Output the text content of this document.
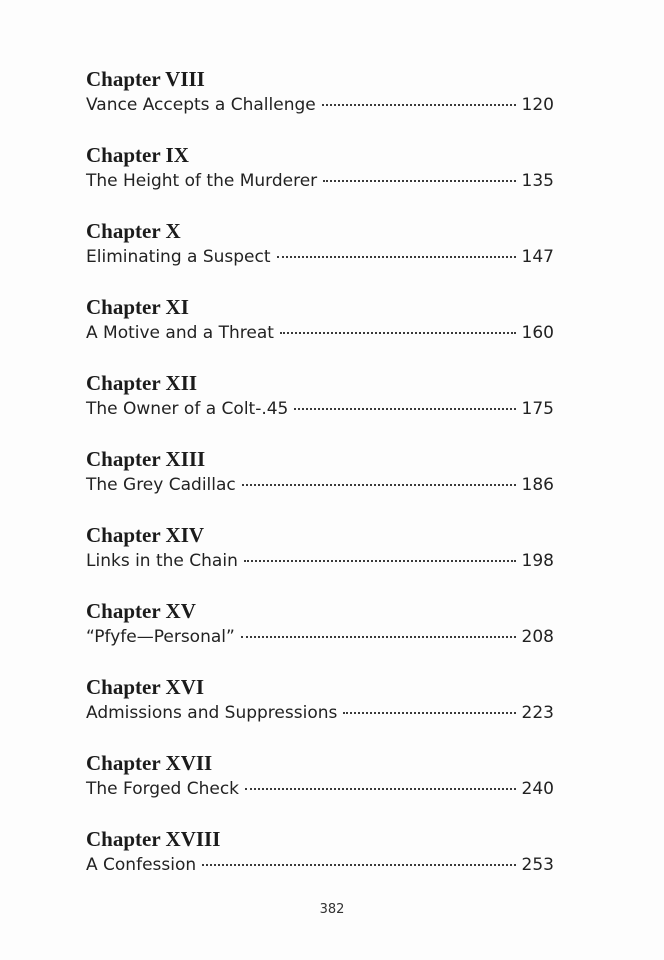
Chapter VIII
Vance Accepts a Challenge	120
Chapter IX
The Height of the Murderer	135
Chapter X
Eliminating a Suspect	147
Chapter XI
A Motive and a Threat	160
Chapter XII
The Owner of a Colt-.45	175
Chapter XIII
The Grey Cadillac	186
Chapter XIV
Links in the Chain	198
Chapter XV
“Pfyfe—Personal”	208
Chapter XVI
Admissions and Suppressions	223
Chapter XVII
The Forged Check	240
Chapter XVIII
A Confession	253
382
